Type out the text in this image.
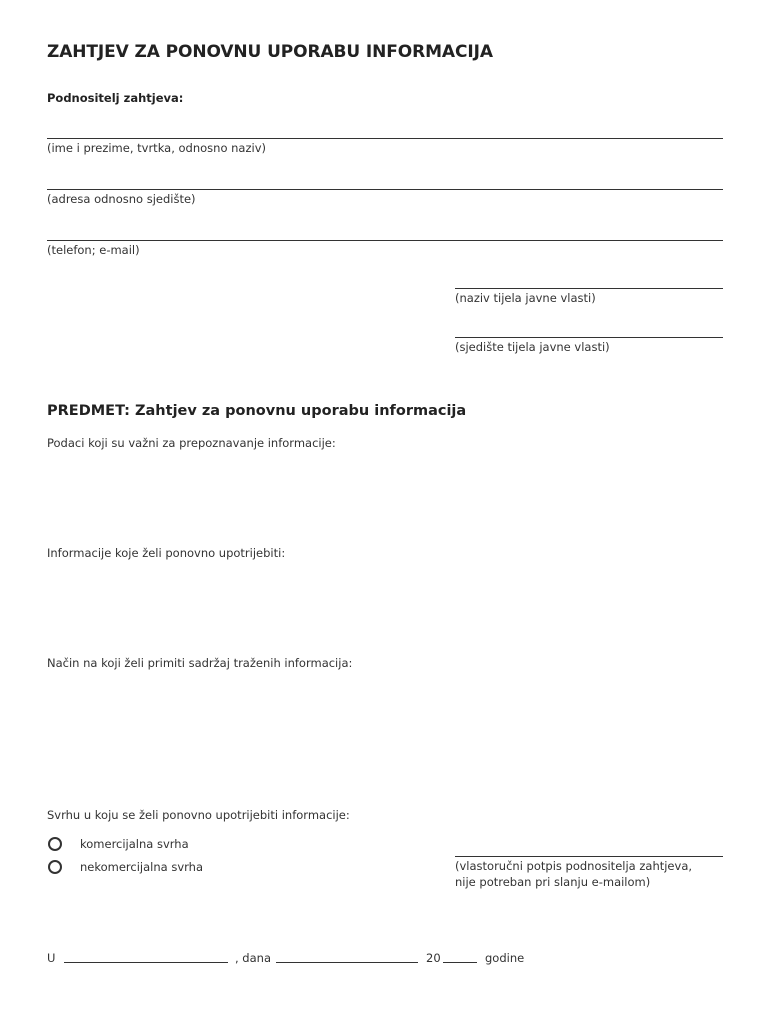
ZAHTJEV ZA PONOVNU UPORABU INFORMACIJA
Podnositelj zahtjeva:
(ime i prezime, tvrtka, odnosno naziv)
(adresa odnosno sjedište)
(telefon; e-mail)
(naziv tijela javne vlasti)
(sjedište tijela javne vlasti)
PREDMET: Zahtjev za ponovnu uporabu informacija
Podaci koji su važni za prepoznavanje informacije:
Informacije koje želi ponovno upotrijebiti:
Način na koji želi primiti sadržaj traženih informacija:
Svrhu u koju se želi ponovno upotrijebiti informacije:
komercijalna svrha
nekomercijalna svrha	(vlastoručni potpis podnositelja zahtjeva,
nije potreban pri slanju e-mailom)
U	, dana	20	godine
